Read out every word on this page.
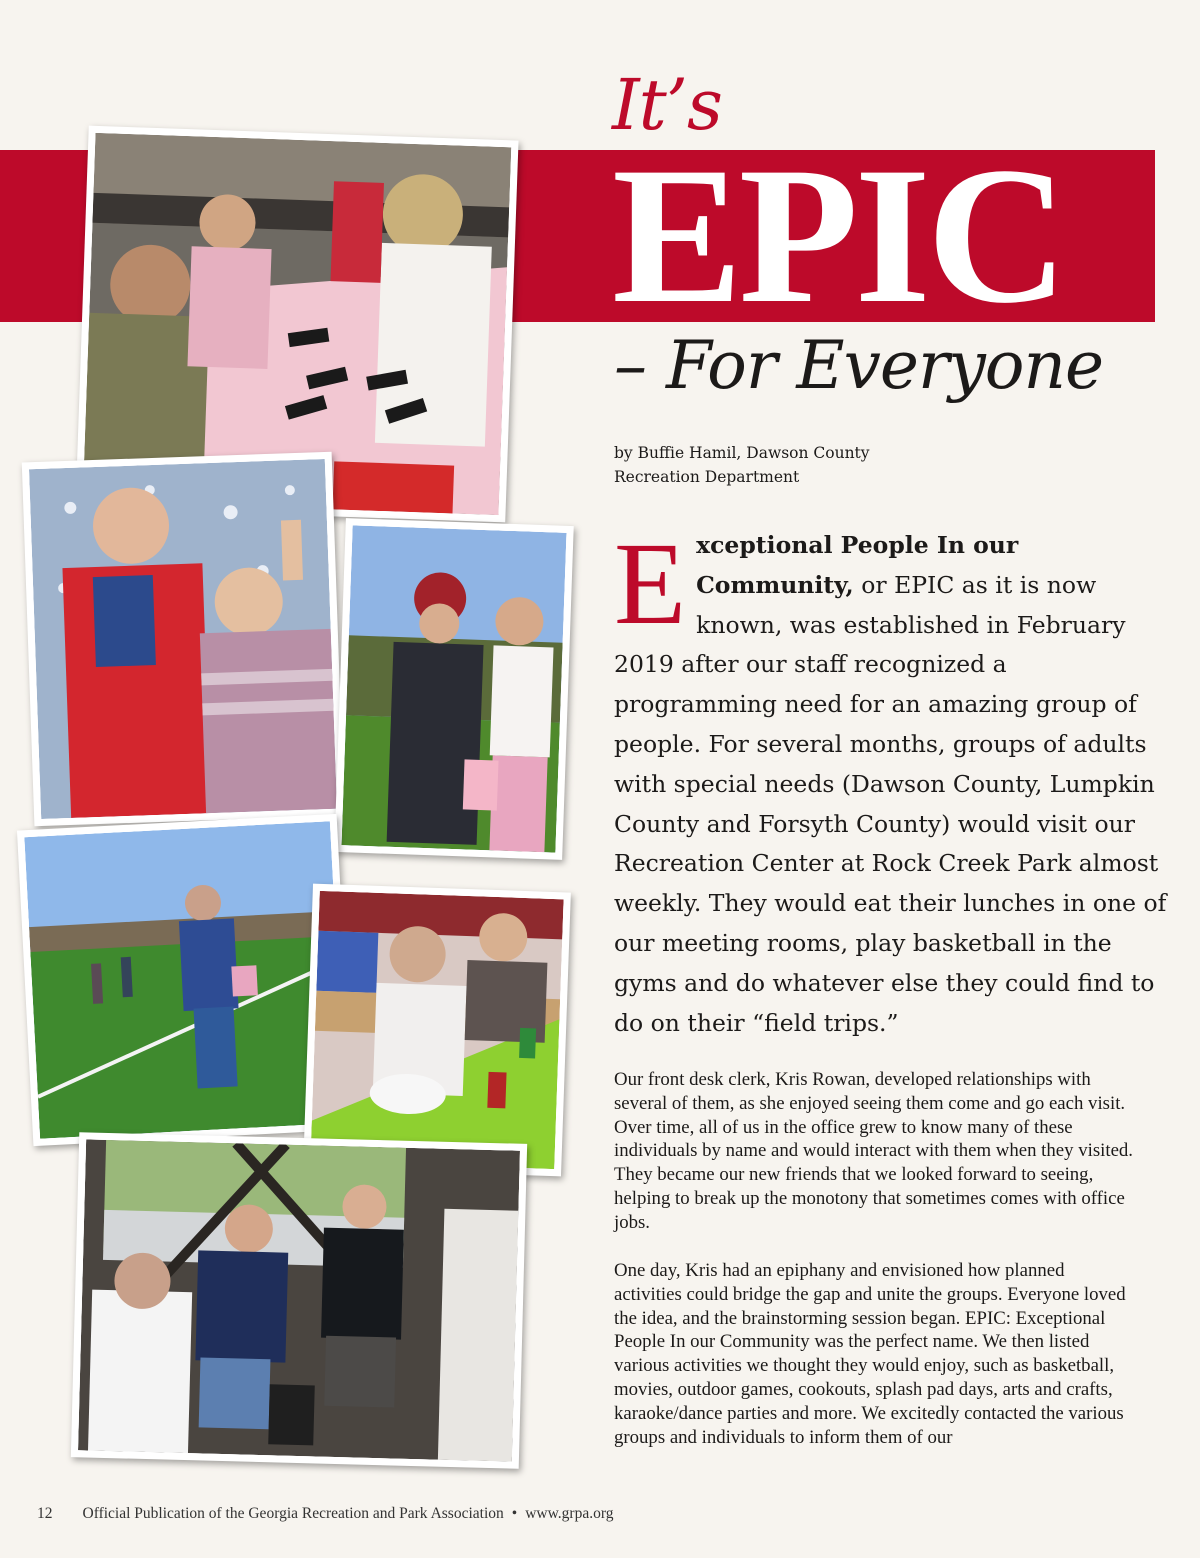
It’s
EPIC
– For Everyone
by Buffie Hamil, Dawson County
Recreation Department
Exceptional People In our Community, or EPIC as it is now known, was established in February 2019 after our staff recognized a programming need for an amazing group of people. For several months, groups of adults with special needs (Dawson County, Lumpkin County and Forsyth County) would visit our Recreation Center at Rock Creek Park almost weekly. They would eat their lunches in one of our meeting rooms, play basketball in the gyms and do whatever else they could find to do on their “field trips.”
Our front desk clerk, Kris Rowan, developed relationships with several of them, as she enjoyed seeing them come and go each visit. Over time, all of us in the office grew to know many of these individuals by name and would interact with them when they visited. They became our new friends that we looked forward to seeing, helping to break up the monotony that sometimes comes with office jobs.
One day, Kris had an epiphany and envisioned how planned activities could bridge the gap and unite the groups. Everyone loved the idea, and the brainstorming session began. EPIC: Exceptional People In our Community was the perfect name. We then listed various activities we thought they would enjoy, such as basketball, movies, outdoor games, cookouts, splash pad days, arts and crafts, karaoke/dance parties and more. We excitedly contacted the various groups and individuals to inform them of our
12 Official Publication of the Georgia Recreation and Park Association • www.grpa.org
